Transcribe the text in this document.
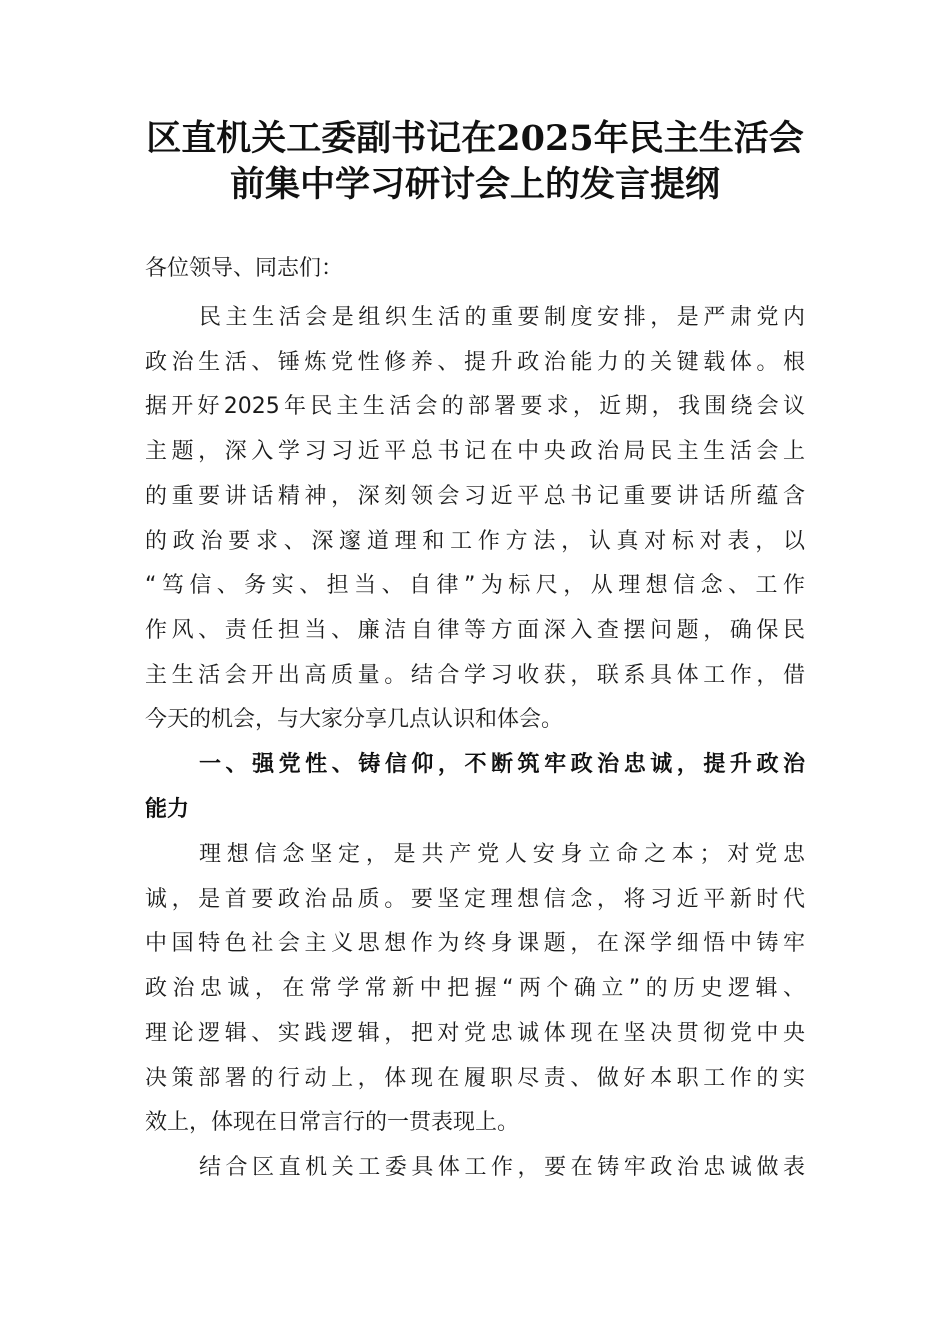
区直机关工委副书记在2025年民主生活会
前集中学习研讨会上的发言提纲
各位领导、同志们：
民主生活会是组织生活的重要制度安排，是严肃党内
政治生活、锤炼党性修养、提升政治能力的关键载体。根
据开好2025年民主生活会的部署要求，近期，我围绕会议
主题，深入学习习近平总书记在中央政治局民主生活会上
的重要讲话精神，深刻领会习近平总书记重要讲话所蕴含
的政治要求、深邃道理和工作方法，认真对标对表，以
“笃信、务实、担当、自律”为标尺，从理想信念、工作
作风、责任担当、廉洁自律等方面深入查摆问题，确保民
主生活会开出高质量。结合学习收获，联系具体工作，借
今天的机会，与大家分享几点认识和体会。
一、强党性、铸信仰，不断筑牢政治忠诚，提升政治
能力
理想信念坚定，是共产党人安身立命之本；对党忠
诚，是首要政治品质。要坚定理想信念，将习近平新时代
中国特色社会主义思想作为终身课题，在深学细悟中铸牢
政治忠诚，在常学常新中把握“两个确立”的历史逻辑、
理论逻辑、实践逻辑，把对党忠诚体现在坚决贯彻党中央
决策部署的行动上，体现在履职尽责、做好本职工作的实
效上，体现在日常言行的一贯表现上。
结合区直机关工委具体工作，要在铸牢政治忠诚做表
